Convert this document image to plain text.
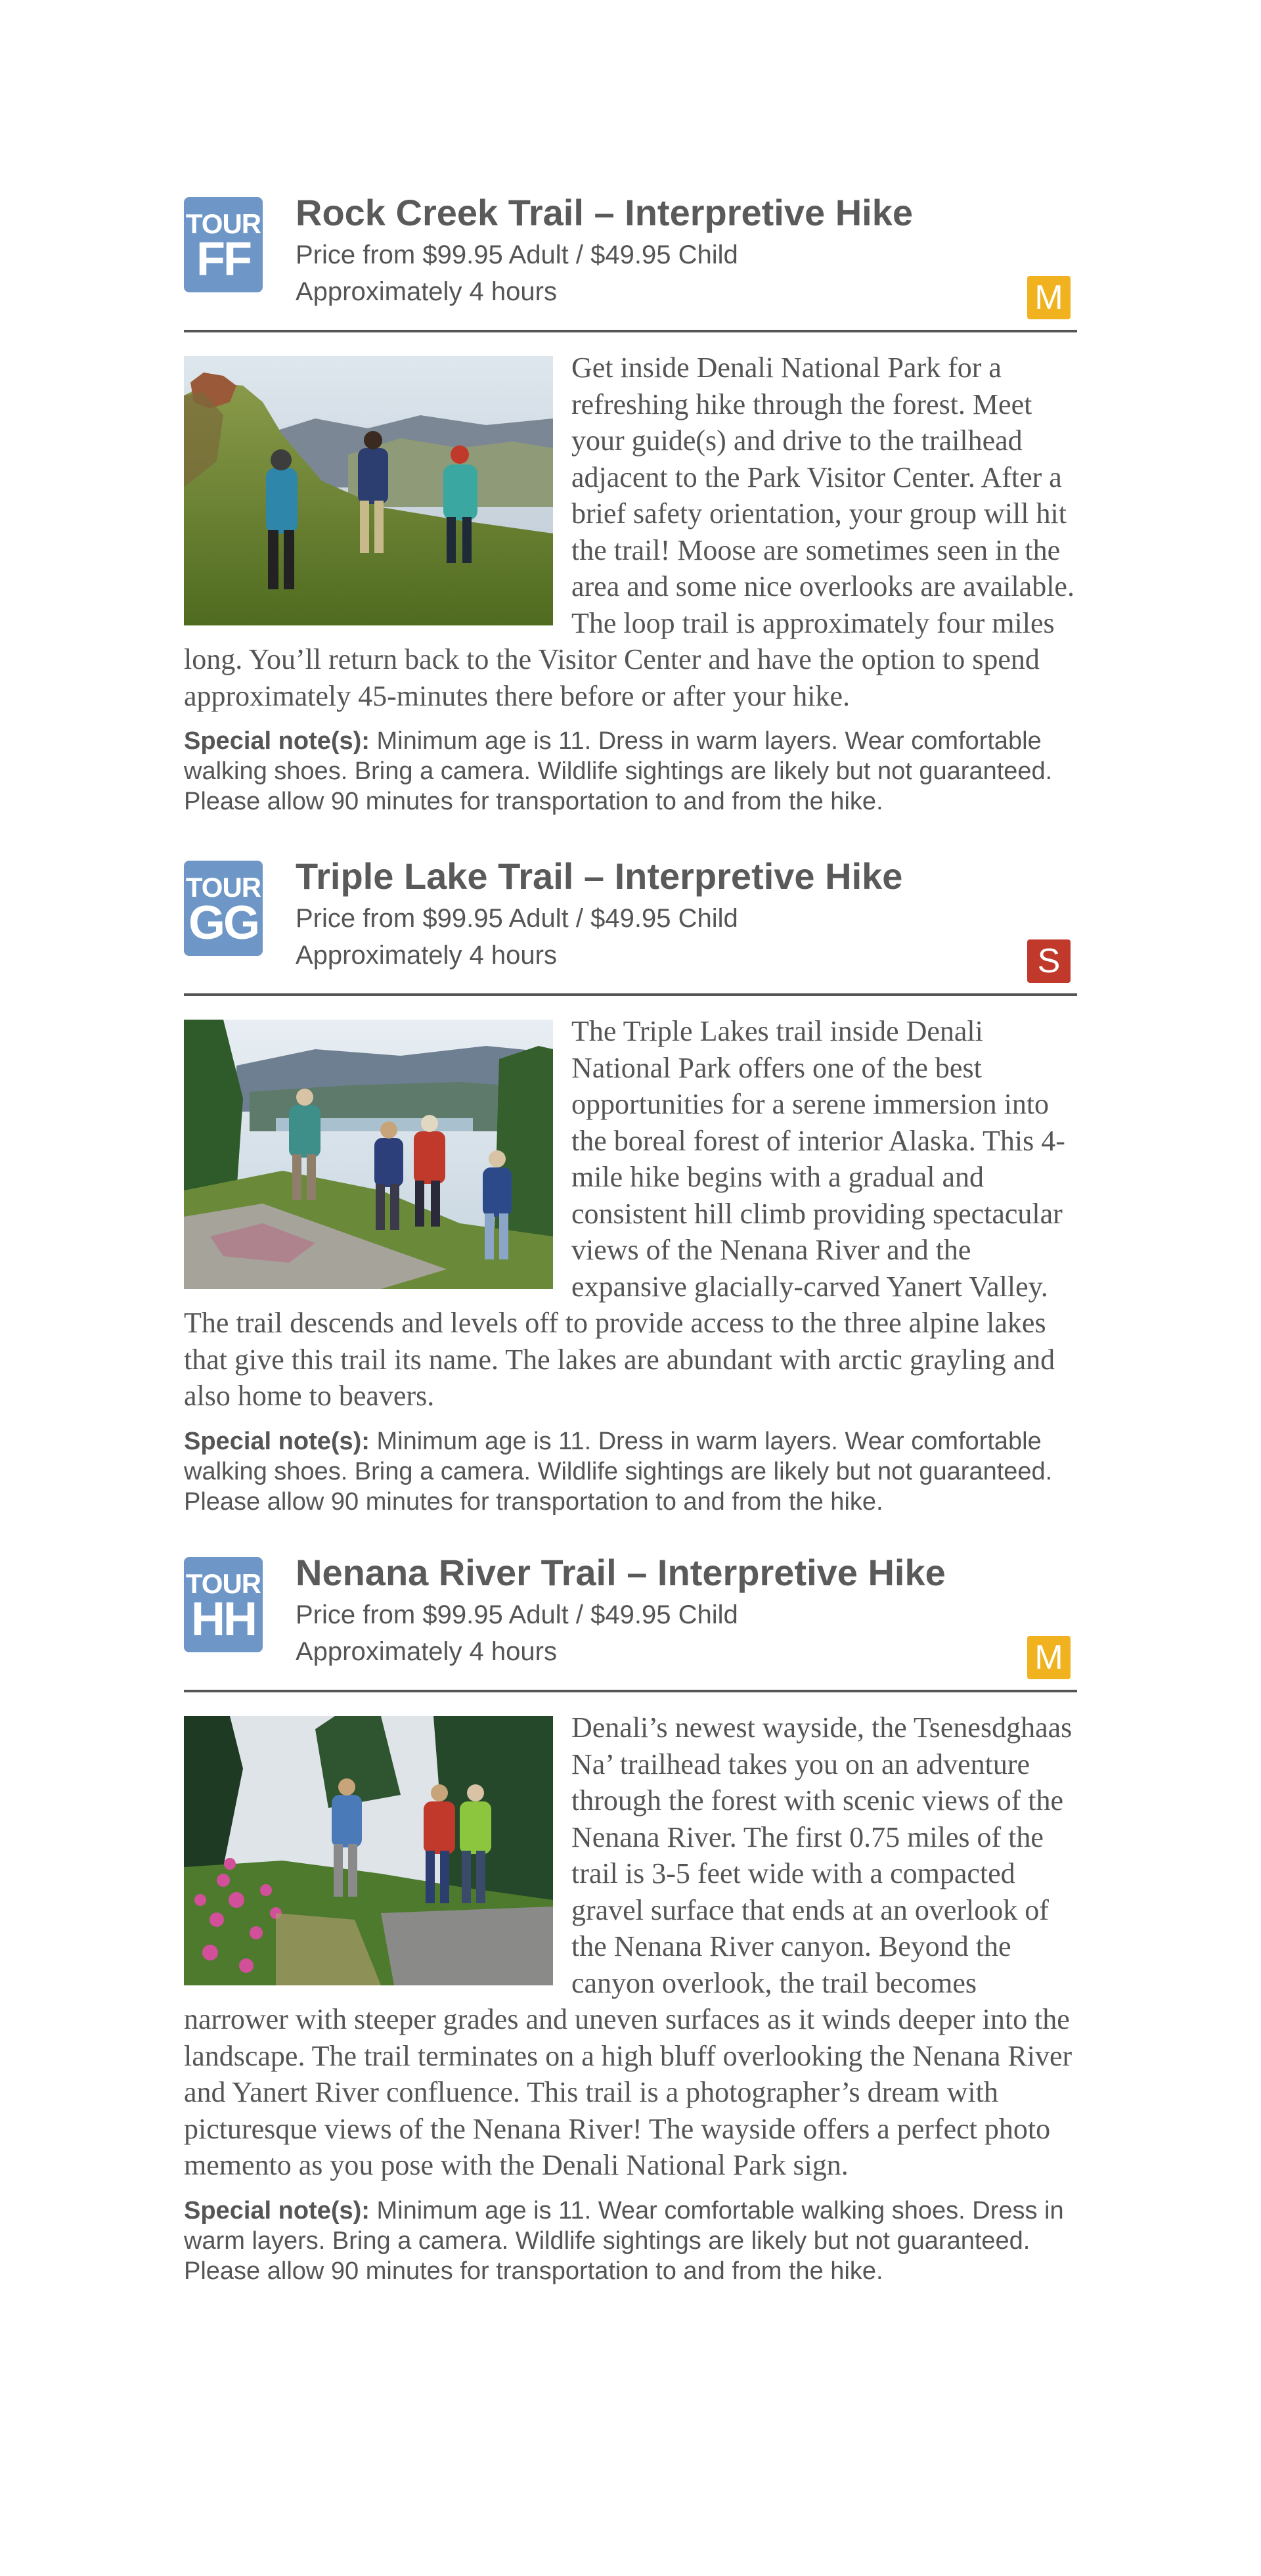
TOUR
FF
Rock Creek Trail – Interpretive Hike

Price from $99.95 Adult / $49.95 Child

Approximately 4 hours	M

Get inside Denali National Park for a refreshing hike through the forest. Meet your guide(s) and drive to the trailhead adjacent to the Park Visitor Center. After a brief safety orientation, your group will hit the trail! Moose are sometimes seen in the area and some nice overlooks are available. The loop trail is approximately four miles long. You’ll return back to the Visitor Center and have the option to spend approximately 45-minutes there before or after your hike.

Special note(s): Minimum age is 11. Dress in warm layers. Wear comfortable walking shoes. Bring a camera. Wildlife sightings are likely but not guaranteed. Please allow 90 minutes for transportation to and from the hike.

TOUR
GG
Triple Lake Trail – Interpretive Hike

Price from $99.95 Adult / $49.95 Child

Approximately 4 hours	S

The Triple Lakes trail inside Denali National Park offers one of the best opportunities for a serene immersion into the boreal forest of interior Alaska. This 4-mile hike begins with a gradual and consistent hill climb providing spectacular views of the Nenana River and the expansive glacially-carved Yanert Valley. The trail descends and levels off to provide access to the three alpine lakes that give this trail its name. The lakes are abundant with arctic grayling and also home to beavers.

Special note(s): Minimum age is 11. Dress in warm layers. Wear comfortable walking shoes. Bring a camera. Wildlife sightings are likely but not guaranteed. Please allow 90 minutes for transportation to and from the hike.

TOUR
HH
Nenana River Trail – Interpretive Hike

Price from $99.95 Adult / $49.95 Child

Approximately 4 hours	M

Denali’s newest wayside, the Tsenesdghaas Na’ trailhead takes you on an adventure through the forest with scenic views of the Nenana River. The first 0.75 miles of the trail is 3-5 feet wide with a compacted gravel surface that ends at an overlook of the Nenana River canyon. Beyond the canyon overlook, the trail becomes narrower with steeper grades and uneven surfaces as it winds deeper into the landscape. The trail terminates on a high bluff overlooking the Nenana River and Yanert River confluence. This trail is a photographer’s dream with picturesque views of the Nenana River! The wayside offers a perfect photo memento as you pose with the Denali National Park sign.

Special note(s): Minimum age is 11. Wear comfortable walking shoes. Dress in warm layers. Bring a camera. Wildlife sightings are likely but not guaranteed. Please allow 90 minutes for transportation to and from the hike.
